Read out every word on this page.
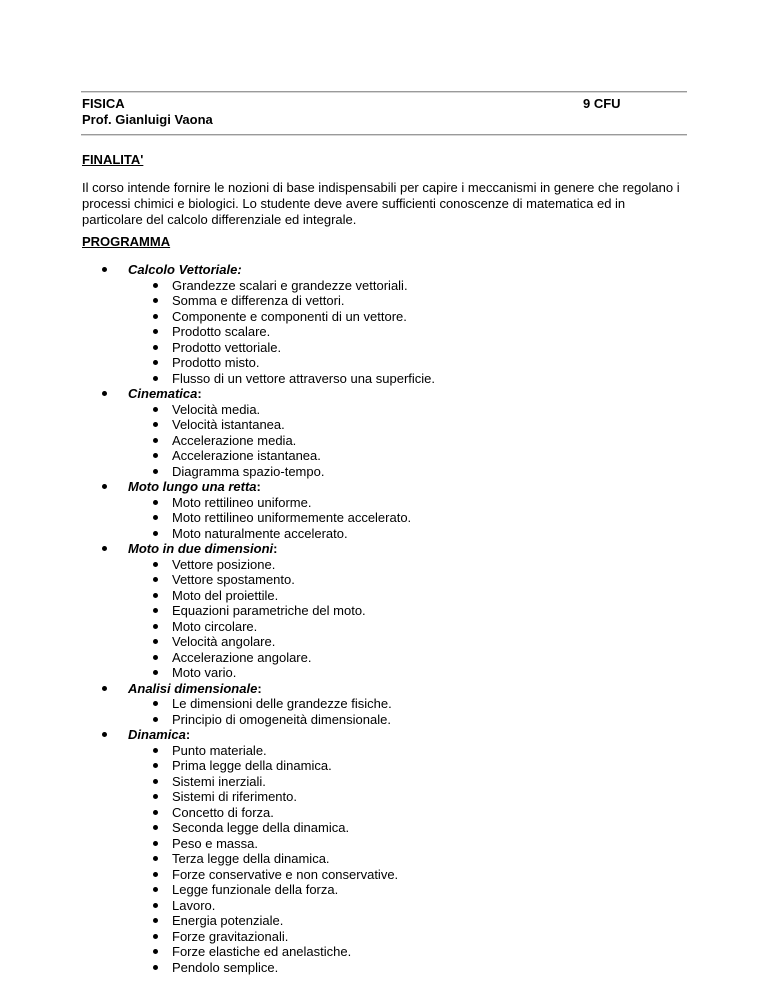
FISICA
Prof. Gianluigi Vaona
9 CFU
FINALITA'

Il corso intende fornire le nozioni di base indispensabili per capire i meccanismi in genere che regolano i processi chimici e biologici. Lo studente deve avere sufficienti conoscenze di matematica ed in particolare del calcolo differenziale ed integrale.

PROGRAMMA
Calcolo Vettoriale:
Grandezze scalari e grandezze vettoriali.
Somma e differenza di vettori.
Componente e componenti di un vettore.
Prodotto scalare.
Prodotto vettoriale.
Prodotto misto.
Flusso di un vettore attraverso una superficie.
Cinematica:
Velocità media.
Velocità istantanea.
Accelerazione media.
Accelerazione istantanea.
Diagramma spazio-tempo.
Moto lungo una retta:
Moto rettilineo uniforme.
Moto rettilineo uniformemente accelerato.
Moto naturalmente accelerato.
Moto in due dimensioni:
Vettore posizione.
Vettore spostamento.
Moto del proiettile.
Equazioni parametriche del moto.
Moto circolare.
Velocità angolare.
Accelerazione angolare.
Moto vario.
Analisi dimensionale:
Le dimensioni delle grandezze fisiche.
Principio di omogeneità dimensionale.
Dinamica:
Punto materiale.
Prima legge della dinamica.
Sistemi inerziali.
Sistemi di riferimento.
Concetto di forza.
Seconda legge della dinamica.
Peso e massa.
Terza legge della dinamica.
Forze conservative e non conservative.
Legge funzionale della forza.
Lavoro.
Energia potenziale.
Forze gravitazionali.
Forze elastiche ed anelastiche.
Pendolo semplice.
